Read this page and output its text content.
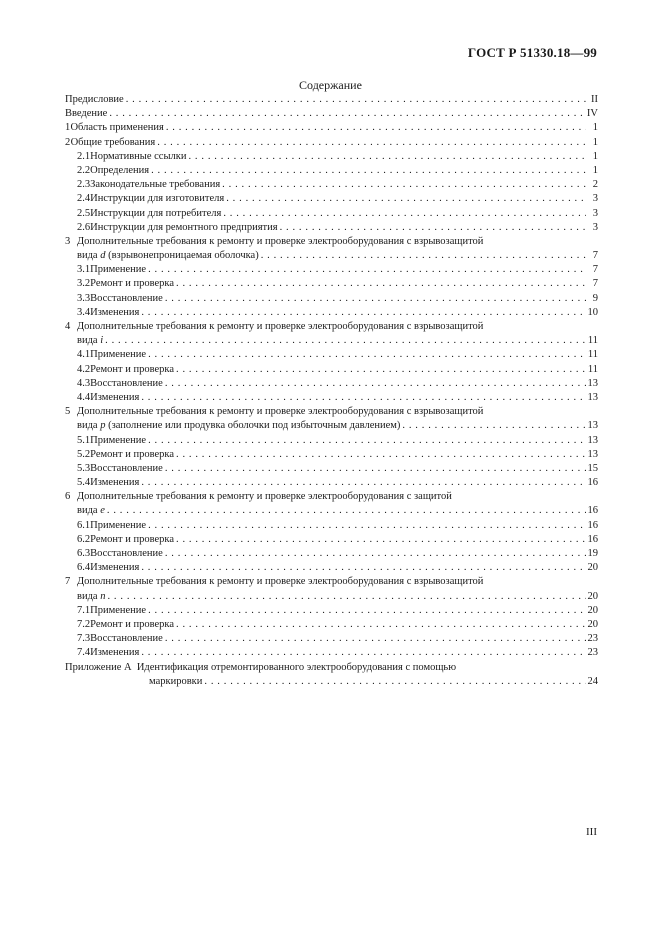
ГОСТ Р 51330.18—99
Содержание
Предисловие . . .	II
Введение . . .	IV
1 Область применения . . .	1
2 Общие требования . . .	1
2.1 Нормативные ссылки . . .	1
2.2 Определения . . .	1
2.3 Законодательные требования . . .	2
2.4 Инструкции для изготовителя . . .	3
2.5 Инструкции для потребителя . . .	3
2.6 Инструкции для ремонтного предприятия . . .	3
3 Дополнительные требования к ремонту и проверке электрооборудования с взрывозащитой
вида d (взрывонепроницаемая оболочка) . . .	7
3.1 Применение . . .	7
3.2 Ремонт и проверка . . .	7
3.3 Восстановление . . .	9
3.4 Изменения . . .	10
4 Дополнительные требования к ремонту и проверке электрооборудования с взрывозащитой
вида i . . .	11
4.1 Применение . . .	11
4.2 Ремонт и проверка . . .	11
4.3 Восстановление . . .	13
4.4 Изменения . . .	13
5 Дополнительные требования к ремонту и проверке электрооборудования с взрывозащитой
вида p (заполнение или продувка оболочки под избыточным давлением) . . .	13
5.1 Применение . . .	13
5.2 Ремонт и проверка . . .	13
5.3 Восстановление . . .	15
5.4 Изменения . . .	16
6 Дополнительные требования к ремонту и проверке электрооборудования с защитой
вида e . . .	16
6.1 Применение . . .	16
6.2 Ремонт и проверка . . .	16
6.3 Восстановление . . .	19
6.4 Изменения . . .	20
7 Дополнительные требования к ремонту и проверке электрооборудования с взрывозащитой
вида n . . .	20
7.1 Применение . . .	20
7.2 Ремонт и проверка . . .	20
7.3 Восстановление . . .	23
7.4 Изменения . . .	23
Приложение А  Идентификация отремонтированного электрооборудования с помощью
маркировки . . .	24
III
